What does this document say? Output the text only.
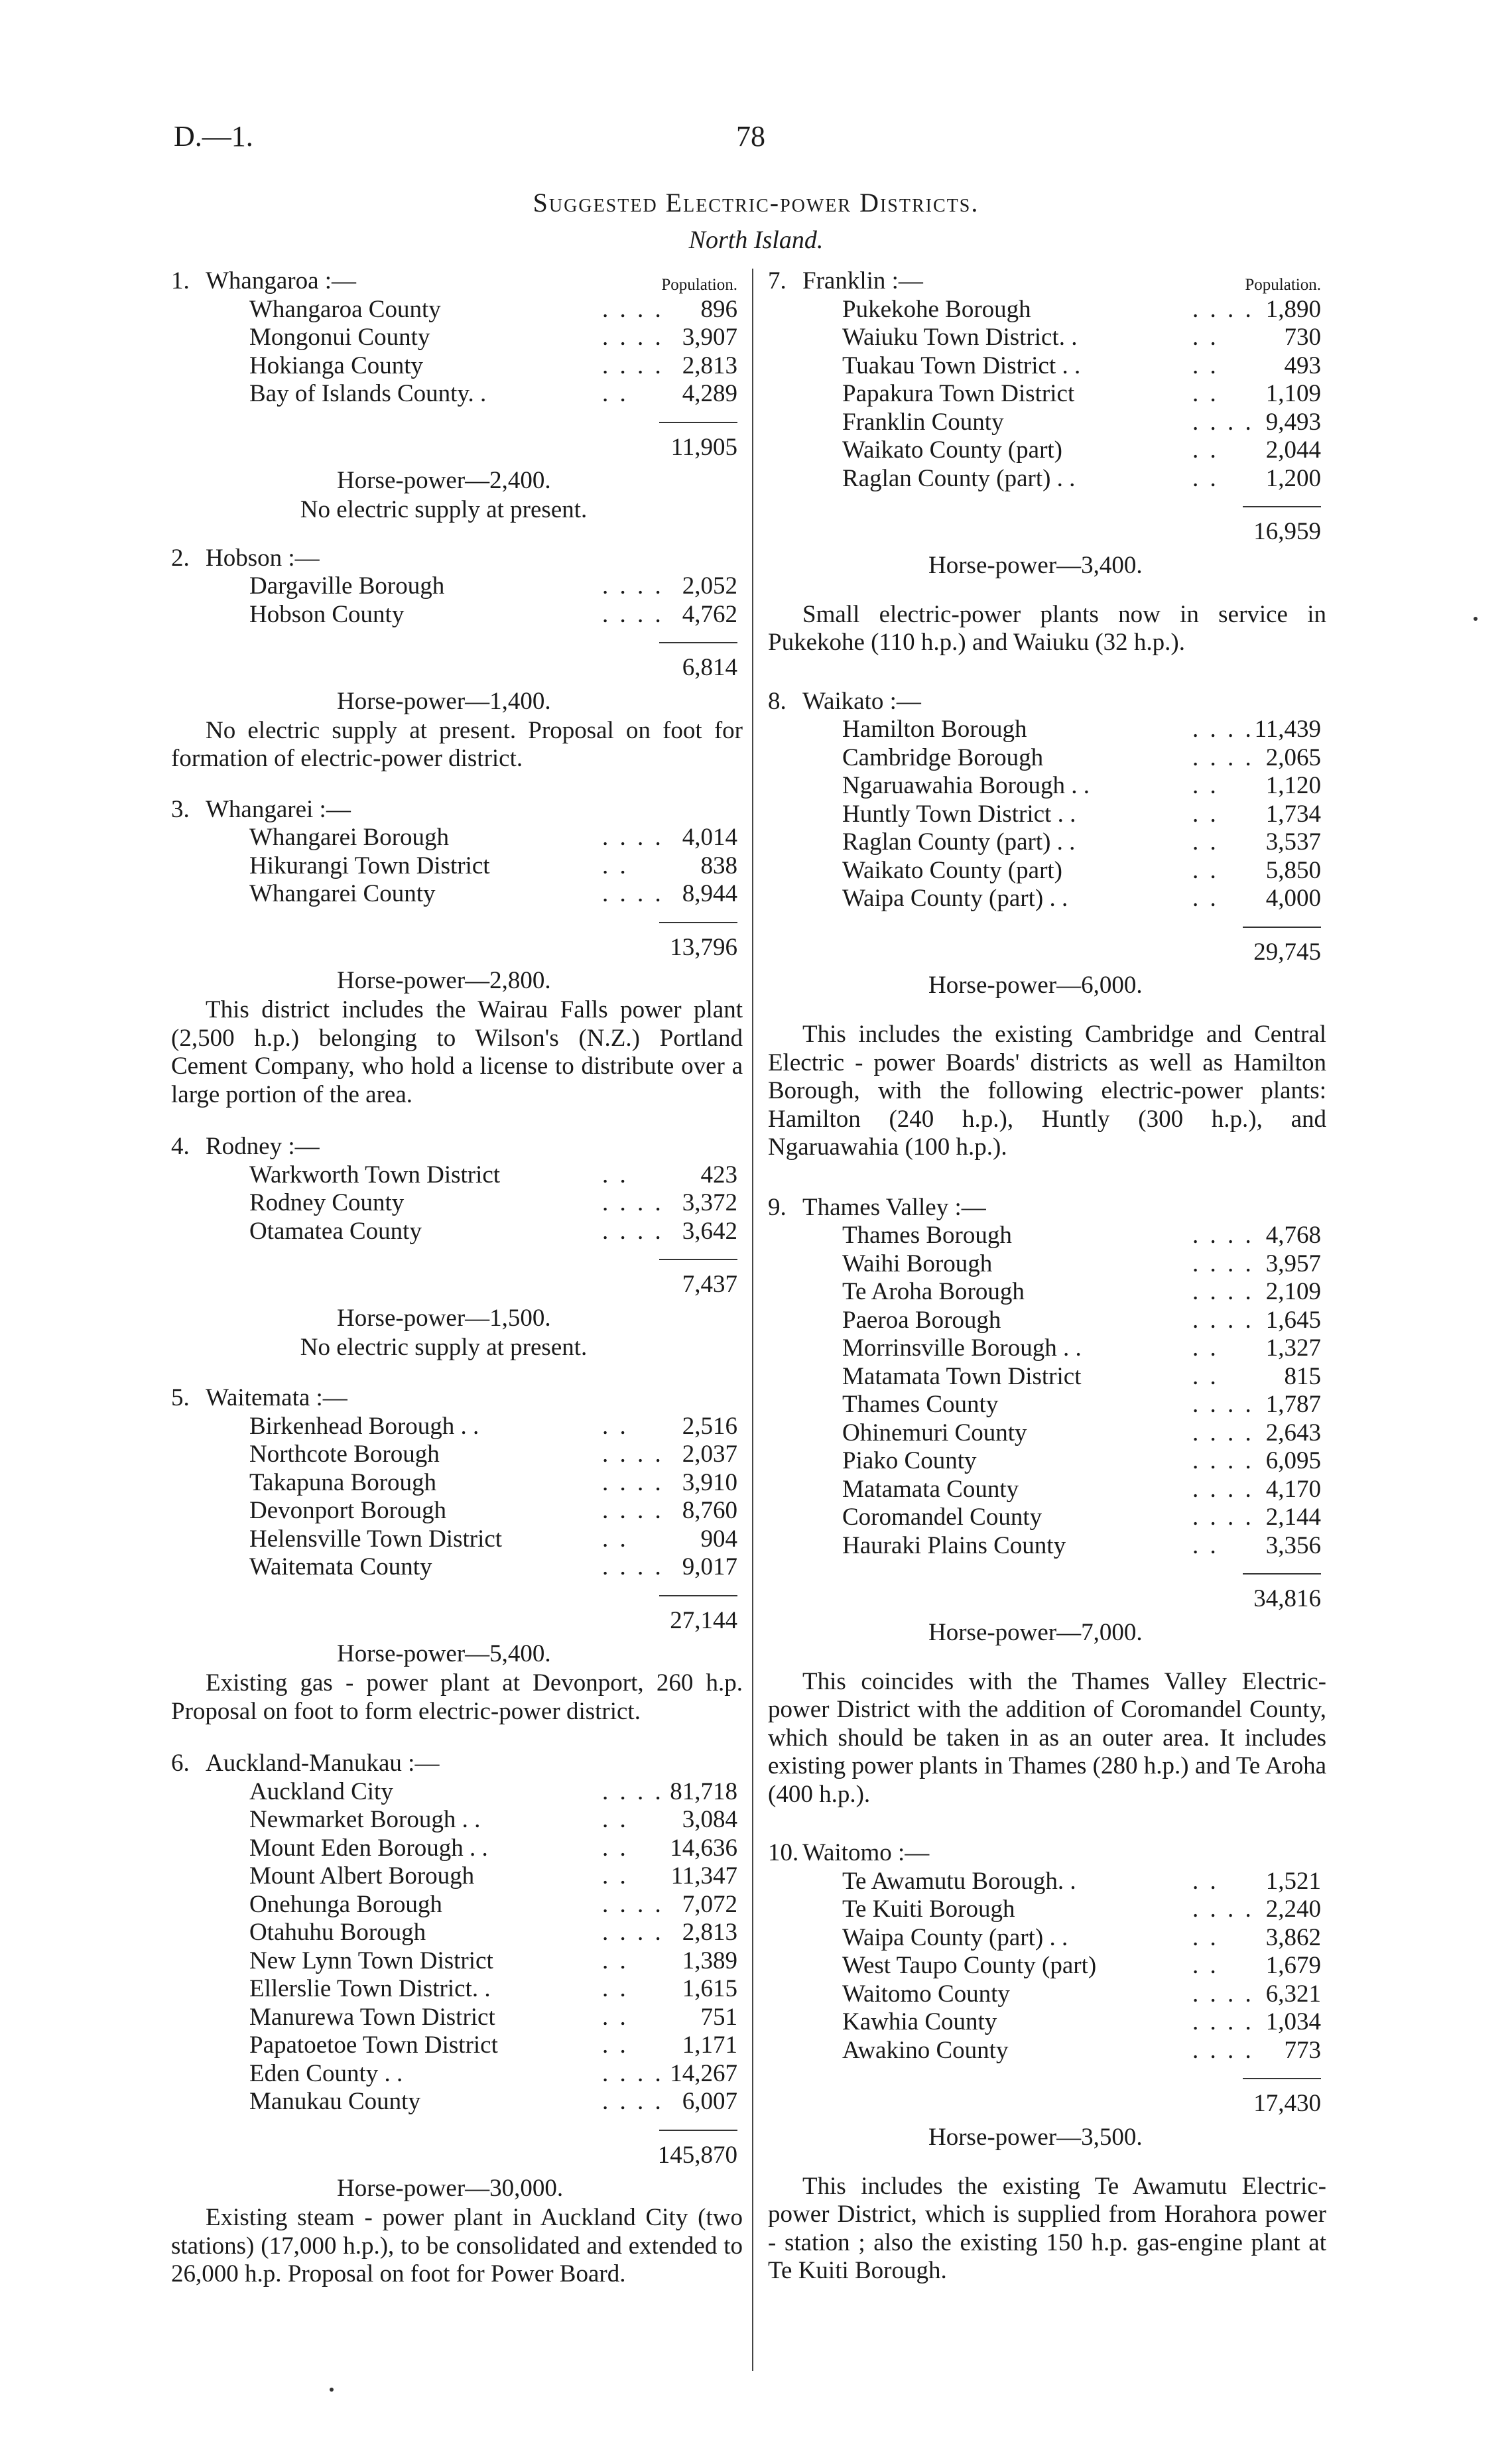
D.—1.	78
Suggested Electric-power Districts.
North Island.
1. Whangaroa :—	Population.
Whangaroa County	. . . . 896
Mongonui County	. . . . 3,907
Hokianga County	. . . . 2,813
Bay of Islands County. .	. . 4,289
11,905
Horse-power—2,400.

No electric supply at present.

2. Hobson :—
Dargaville Borough	. . . . 2,052
Hobson County	. . . . 4,762
6,814
Horse-power—1,400.

No electric supply at present. Proposal on foot for formation of electric-power district.

3. Whangarei :—
Whangarei Borough	. . . . 4,014
Hikurangi Town District	. .	838
Whangarei County	. . . . 8,944
13,796
Horse-power—2,800.

This district includes the Wairau Falls power plant (2,500 h.p.) belonging to Wilson's (N.Z.) Portland Cement Company, who hold a license to distribute over a large portion of the area.

4. Rodney :—
Warkworth Town District	. .	423
Rodney County	. . . . 3,372
Otamatea County	. . . . 3,642
7,437
Horse-power—1,500.

No electric supply at present.

5. Waitemata :—
Birkenhead Borough . .	. . 2,516
Northcote Borough	. . . . 2,037
Takapuna Borough	. . . . 3,910
Devonport Borough	. . . . 8,760
Helensville Town District	. .	904
Waitemata County	. . . . 9,017
27,144
Horse-power—5,400.

Existing gas - power plant at Devonport, 260 h.p. Proposal on foot to form electric-power district.

6. Auckland-Manukau :—
Auckland City	. . . . 81,718
Newmarket Borough . .	. . 3,084
Mount Eden Borough . .	. . 14,636
Mount Albert Borough	. . 11,347
Onehunga Borough	. . . . 7,072
Otahuhu Borough	. . . . 2,813
New Lynn Town District	. . 1,389
Ellerslie Town District. .	. . 1,615
Manurewa Town District	. .	751
Papatoetoe Town District	. . 1,171
Eden County . .	. . . . 14,267
Manukau County	. . . . 6,007
145,870
Horse-power—30,000.

Existing steam - power plant in Auckland City (two stations) (17,000 h.p.), to be consolidated and extended to 26,000 h.p. Proposal on foot for Power Board.

7. Franklin :—	Population.
Pukekohe Borough	. . . . 1,890
Waiuku Town District. .	. .	730
Tuakau Town District . .	. .	493
Papakura Town District	. . 1,109
Franklin County	. . . . 9,493
Waikato County (part)	. . 2,044
Raglan County (part) . .	. . 1,200
16,959
Horse-power—3,400.

Small electric-power plants now in service in Pukekohe (110 h.p.) and Waiuku (32 h.p.).

8. Waikato :—
Hamilton Borough	. . . . 11,439
Cambridge Borough	. . . . 2,065
Ngaruawahia Borough . .	. . 1,120
Huntly Town District . .	. . 1,734
Raglan County (part) . .	. . 3,537
Waikato County (part)	. . 5,850
Waipa County (part) . .	. . 4,000
29,745
Horse-power—6,000.

This includes the existing Cambridge and Central Electric - power Boards' districts as well as Hamilton Borough, with the following electric-power plants: Hamilton (240 h.p.), Huntly (300 h.p.), and Ngaruawahia (100 h.p.).

9. Thames Valley :—
Thames Borough	. . . . 4,768
Waihi Borough	. . . . 3,957
Te Aroha Borough	. . . . 2,109
Paeroa Borough	. . . . 1,645
Morrinsville Borough . .	. . 1,327
Matamata Town District	. .	815
Thames County	. . . . 1,787
Ohinemuri County	. . . . 2,643
Piako County	. . . . 6,095
Matamata County	. . . . 4,170
Coromandel County	. . . . 2,144
Hauraki Plains County	. . 3,356
34,816
Horse-power—7,000.

This coincides with the Thames Valley Electric-power District with the addition of Coromandel County, which should be taken in as an outer area. It includes existing power plants in Thames (280 h.p.) and Te Aroha (400 h.p.).

10. Waitomo :—
Te Awamutu Borough. .	. . 1,521
Te Kuiti Borough	. . . . 2,240
Waipa County (part) . .	. . 3,862
West Taupo County (part)	. . 1,679
Waitomo County	. . . . 6,321
Kawhia County	. . . . 1,034
Awakino County	. . . . 773
17,430
Horse-power—3,500.

This includes the existing Te Awamutu Electric-power District, which is supplied from Horahora power - station ; also the existing 150 h.p. gas-engine plant at Te Kuiti Borough.
